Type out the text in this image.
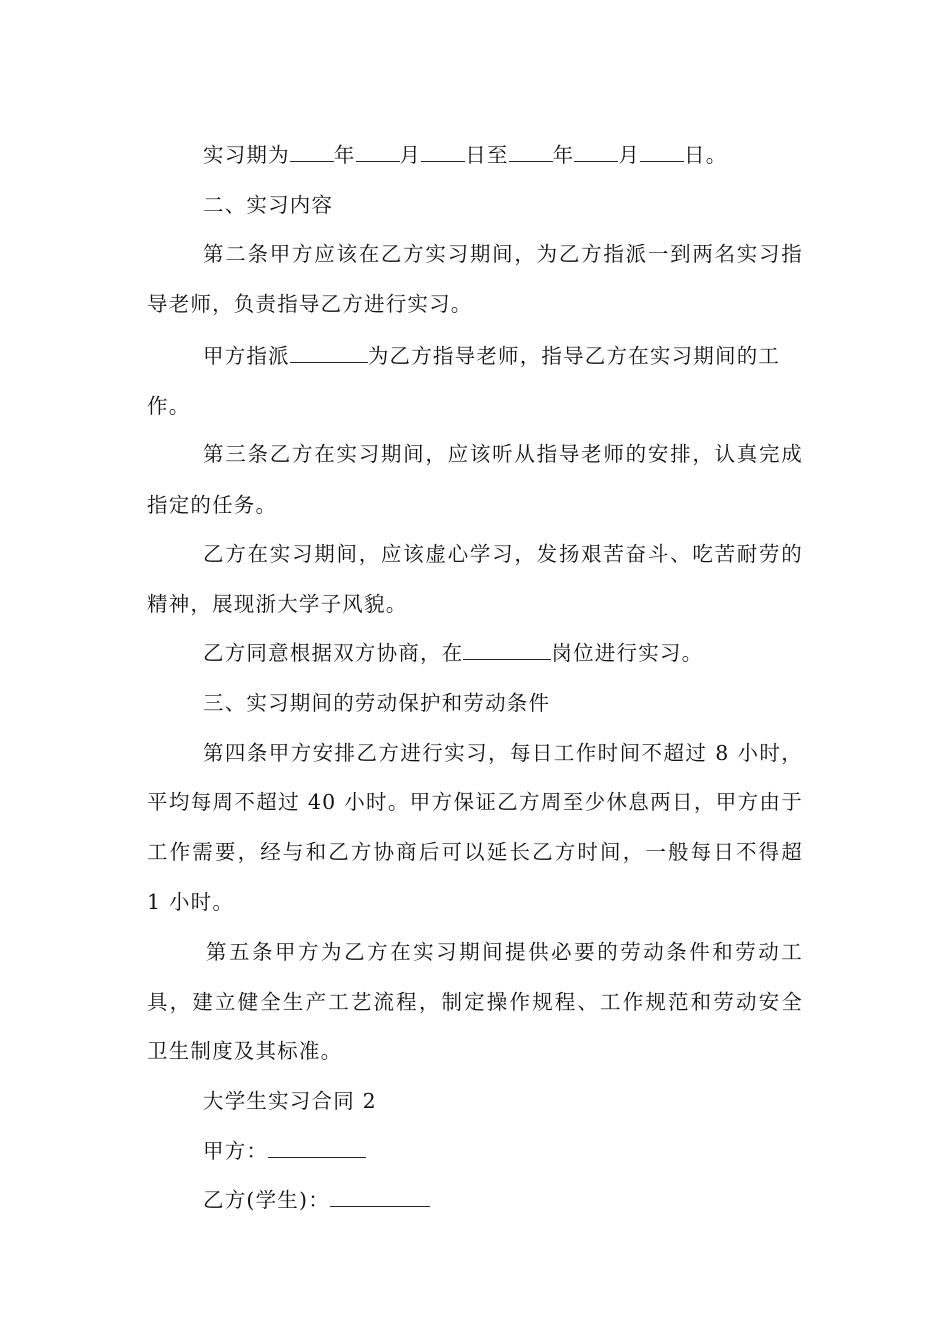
实习期为 年 月 日至 年 月 日。
二、实习内容
第二条甲方应该在乙方实习期间，为乙方指派一到两名实习指
导老师，负责指导乙方进行实习。
甲方指派	为乙方指导老师，指导乙方在实习期间的工
作。
第三条乙方在实习期间，应该听从指导老师的安排，认真完成
指定的任务。
乙方在实习期间，应该虚心学习，发扬艰苦奋斗、吃苦耐劳的
精神，展现浙大学子风貌。
乙方同意根据双方协商，在	岗位进行实习。
三、实习期间的劳动保护和劳动条件
第四条甲方安排乙方进行实习，每日工作时间不超过 8 小时，
平均每周不超过 40 小时。甲方保证乙方周至少休息两日，甲方由于
工作需要，经与和乙方协商后可以延长乙方时间，一般每日不得超
1 小时。
第五条甲方为乙方在实习期间提供必要的劳动条件和劳动工
具，建立健全生产工艺流程，制定操作规程、工作规范和劳动安全
卫生制度及其标准。
大学生实习合同 2
甲方：
乙方(学生)：
